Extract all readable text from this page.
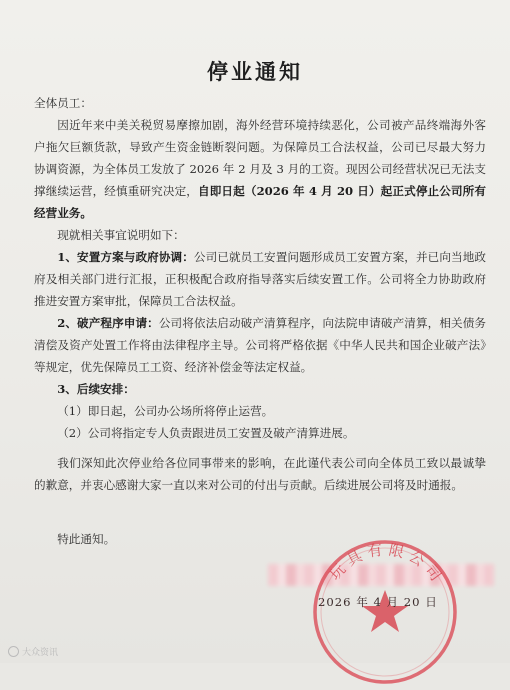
停业通知
全体员工：
因近年来中美关税贸易摩擦加剧，海外经营环境持续恶化，公司被产品终端海外客户拖欠巨额货款，导致产生资金链断裂问题。为保障员工合法权益，公司已尽最大努力协调资源，为全体员工发放了 2026 年 2 月及 3 月的工资。现因公司经营状况已无法支撑继续运营，经慎重研究决定，自即日起（2026 年 4 月 20 日）起正式停止公司所有经营业务。
现就相关事宜说明如下：
1、安置方案与政府协调：公司已就员工安置问题形成员工安置方案，并已向当地政府及相关部门进行汇报，正积极配合政府指导落实后续安置工作。公司将全力协助政府推进安置方案审批，保障员工合法权益。
2、破产程序申请：公司将依法启动破产清算程序，向法院申请破产清算，相关债务清偿及资产处置工作将由法律程序主导。公司将严格依据《中华人民共和国企业破产法》等规定，优先保障员工工资、经济补偿金等法定权益。
3、后续安排：
（1）即日起，公司办公场所将停止运营。
（2）公司将指定专人负责跟进员工安置及破产清算进展。
我们深知此次停业给各位同事带来的影响，在此谨代表公司向全体员工致以最诚挚的歉意，并衷心感谢大家一直以来对公司的付出与贡献。后续进展公司将及时通报。
特此通知。
玩具有限公司
2026 年 4 月 20 日
大众资讯
